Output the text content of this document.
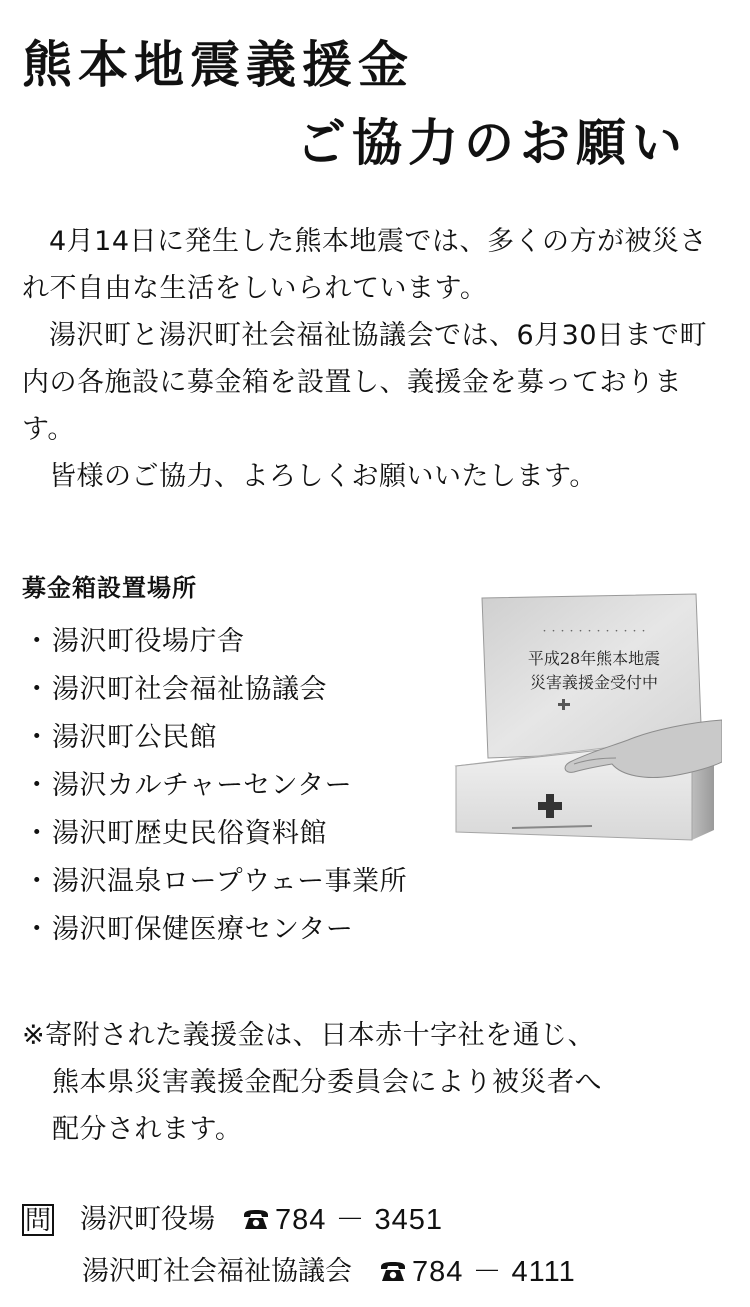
熊本地震義援金
ご協力のお願い

4月14日に発生した熊本地震では、多くの方が被災され不自由な生活をしいられています。

湯沢町と湯沢町社会福祉協議会では、6月30日まで町内の各施設に募金箱を設置し、義援金を募っております。

皆様のご協力、よろしくお願いいたします。

募金箱設置場所
・湯沢町役場庁舎
・湯沢町社会福祉協議会
・湯沢町公民館
・湯沢カルチャーセンター
・湯沢町歴史民俗資料館
・湯沢温泉ロープウェー事業所
・湯沢町保健医療センター
・・・・・・・・・・・・
平成28年熊本地震
災害義援金受付中

※寄附された義援金は、日本赤十字社を通じ、

熊本県災害義援金配分委員会により被災者へ

配分されます。

問 湯沢町役場 784 － 3451
湯沢町社会福祉協議会 784 － 4111
